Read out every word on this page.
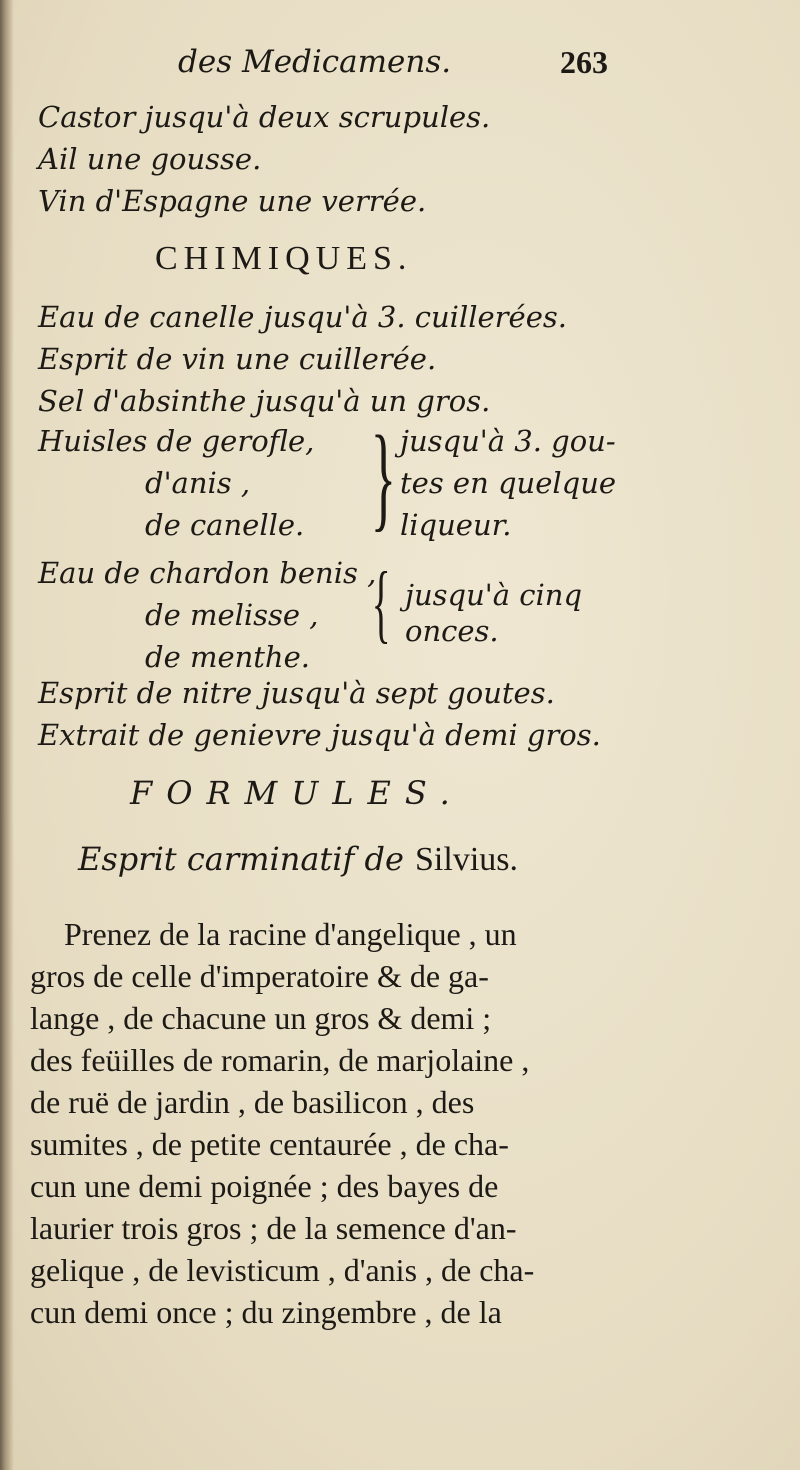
des Medicamens.	263
Castor jusqu'à deux scrupules.
Ail une gousse.
Vin d'Espagne une verrée.
CHIMIQUES.
Eau de canelle jusqu'à 3. cuillerées.
Esprit de vin une cuillerée.
Sel d'absinthe jusqu'à un gros.
Huisles de gerofle,
d'anis ,
de canelle. } jusqu'à 3. gou-
tes en quelque
liqueur.
Eau de chardon benis ,
de melisse ,
de menthe.
{ jusqu'à cinq
onces.
Esprit de nitre jusqu'à sept goutes.
Extrait de genievre jusqu'à demi gros.
FORMULES.
Esprit carminatif de Silvius.
Prenez de la racine d'angelique , un
gros de celle d'imperatoire & de ga-
lange , de chacune un gros & demi ;
des feüilles de romarin, de marjolaine ,
de ruë de jardin , de basilicon , des
sumites , de petite centaurée , de cha-
cun une demi poignée ; des bayes de
laurier trois gros ; de la semence d'an-
gelique , de levisticum , d'anis , de cha-
cun demi once ; du zingembre , de la
